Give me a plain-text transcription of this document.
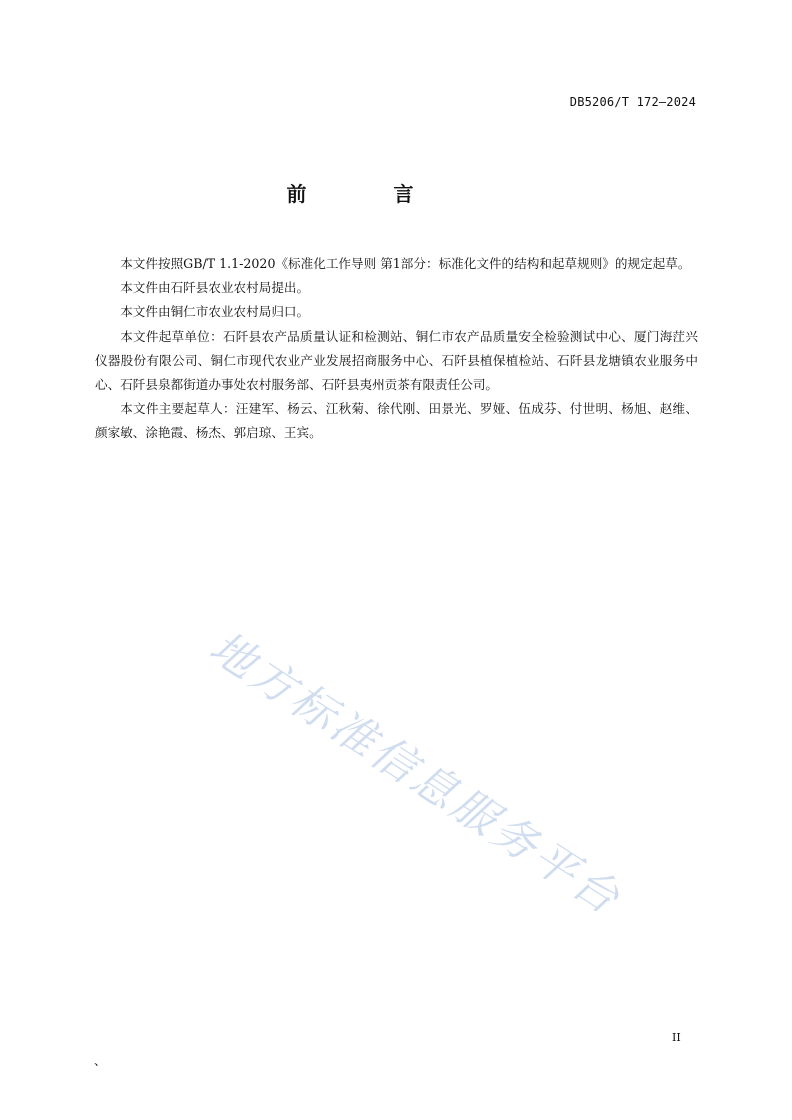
DB5206/T 172—2024
前 言

本文件按照GB/T 1.1-2020《标准化工作导则 第1部分：标准化文件的结构和起草规则》的规定起草。

本文件由石阡县农业农村局提出。

本文件由铜仁市农业农村局归口。

本文件起草单位：石阡县农产品质量认证和检测站、铜仁市农产品质量安全检验测试中心、厦门海茳兴仪器股份有限公司、铜仁市现代农业产业发展招商服务中心、石阡县植保植检站、石阡县龙塘镇农业服务中心、石阡县泉都街道办事处农村服务部、石阡县夷州贡茶有限责任公司。

本文件主要起草人：汪建军、杨云、江秋菊、徐代刚、田景光、罗娅、伍成芬、付世明、杨旭、赵维、颜家敏、涂艳霞、杨杰、郭启琼、王宾。

地方标准信息服务平台
II
、
